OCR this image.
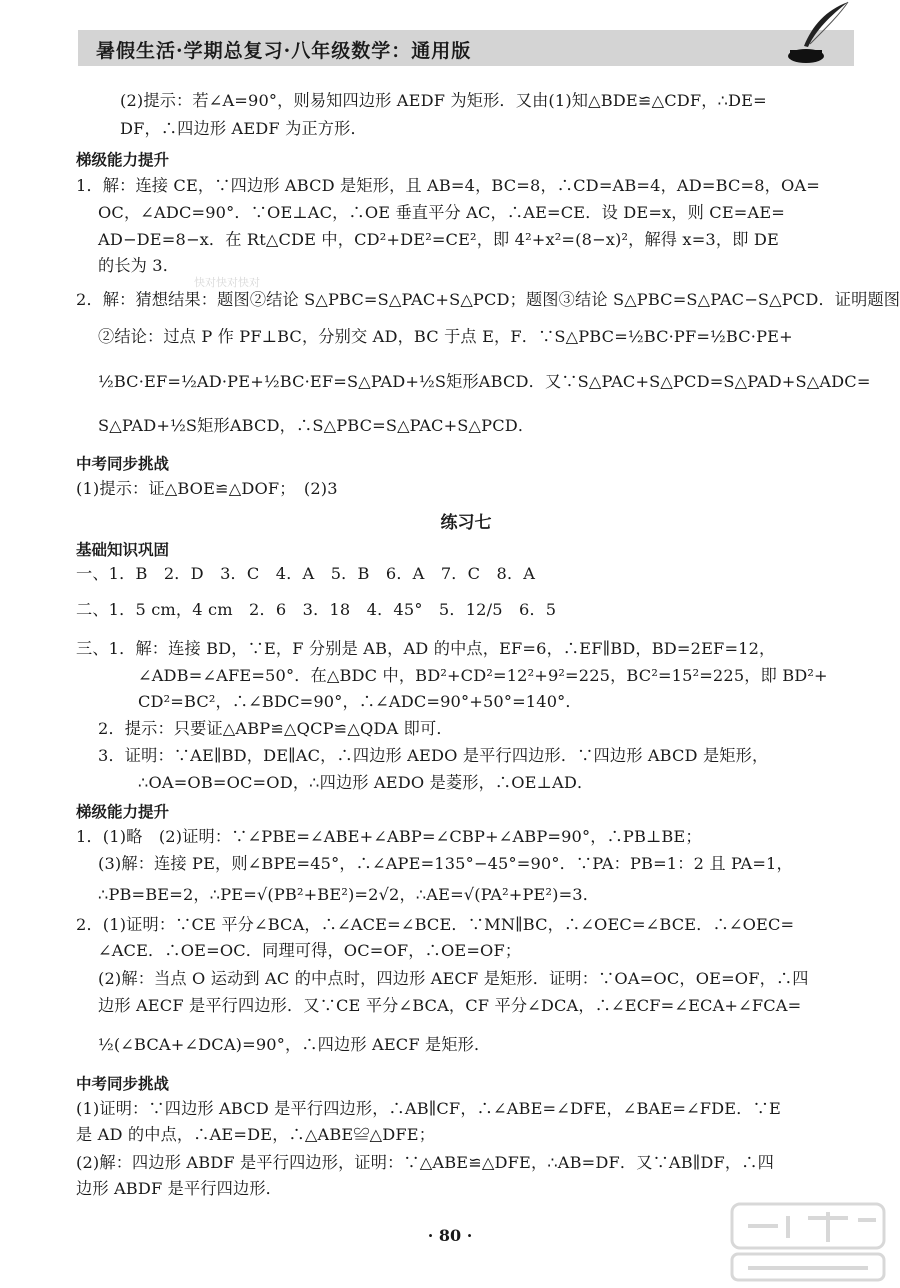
暑假生活·学期总复习·八年级数学：通用版
(2)提示：若∠A=90°，则易知四边形 AEDF 为矩形．又由(1)知△BDE≌△CDF，∴DE=
DF，∴四边形 AEDF 为正方形．
梯级能力提升
1．解：连接 CE，∵四边形 ABCD 是矩形，且 AB=4，BC=8，∴CD=AB=4，AD=BC=8，OA=
OC，∠ADC=90°．∵OE⊥AC，∴OE 垂直平分 AC，∴AE=CE．设 DE=x，则 CE=AE=
AD−DE=8−x．在 Rt△CDE 中，CD²+DE²=CE²，即 4²+x²=(8−x)²，解得 x=3，即 DE
的长为 3．
2．解：猜想结果：题图②结论 S△PBC=S△PAC+S△PCD；题图③结论 S△PBC=S△PAC−S△PCD．证明题图
②结论：过点 P 作 PF⊥BC，分别交 AD，BC 于点 E，F．∵S△PBC=½BC·PF=½BC·PE+
½BC·EF=½AD·PE+½BC·EF=S△PAD+½S矩形ABCD．又∵S△PAC+S△PCD=S△PAD+S△ADC=
S△PAD+½S矩形ABCD，∴S△PBC=S△PAC+S△PCD．
中考同步挑战
(1)提示：证△BOE≌△DOF；　(2)3
练习七
基础知识巩固
一、1．B　2．D　3．C　4．A　5．B　6．A　7．C　8．A
二、1．5 cm，4 cm　2．6　3．18　4．45°　5．12/5　6．5
三、1．解：连接 BD，∵E，F 分别是 AB，AD 的中点，EF=6，∴EF∥BD，BD=2EF=12，
∠ADB=∠AFE=50°．在△BDC 中，BD²+CD²=12²+9²=225，BC²=15²=225，即 BD²+
CD²=BC²，∴∠BDC=90°，∴∠ADC=90°+50°=140°．
2．提示：只要证△ABP≌△QCP≌△QDA 即可．
3．证明：∵AE∥BD，DE∥AC，∴四边形 AEDO 是平行四边形．∵四边形 ABCD 是矩形，
∴OA=OB=OC=OD，∴四边形 AEDO 是菱形，∴OE⊥AD．
梯级能力提升
1．(1)略　(2)证明：∵∠PBE=∠ABE+∠ABP=∠CBP+∠ABP=90°，∴PB⊥BE；
(3)解：连接 PE，则∠BPE=45°，∴∠APE=135°−45°=90°．∵PA：PB=1：2 且 PA=1，
∴PB=BE=2，∴PE=√(PB²+BE²)=2√2，∴AE=√(PA²+PE²)=3．
2．(1)证明：∵CE 平分∠BCA，∴∠ACE=∠BCE．∵MN∥BC，∴∠OEC=∠BCE．∴∠OEC=
∠ACE．∴OE=OC．同理可得，OC=OF，∴OE=OF；
(2)解：当点 O 运动到 AC 的中点时，四边形 AECF 是矩形．证明：∵OA=OC，OE=OF，∴四
边形 AECF 是平行四边形．又∵CE 平分∠BCA，CF 平分∠DCA，∴∠ECF=∠ECA+∠FCA=
½(∠BCA+∠DCA)=90°，∴四边形 AECF 是矩形．
中考同步挑战
(1)证明：∵四边形 ABCD 是平行四边形，∴AB∥CF，∴∠ABE=∠DFE，∠BAE=∠FDE．∵E
是 AD 的中点，∴AE=DE，∴△ABE≌△DFE；
(2)解：四边形 ABDF 是平行四边形，证明：∵△ABE≌△DFE，∴AB=DF．又∵AB∥DF，∴四
边形 ABDF 是平行四边形．
· 80 ·
快对快对快对
